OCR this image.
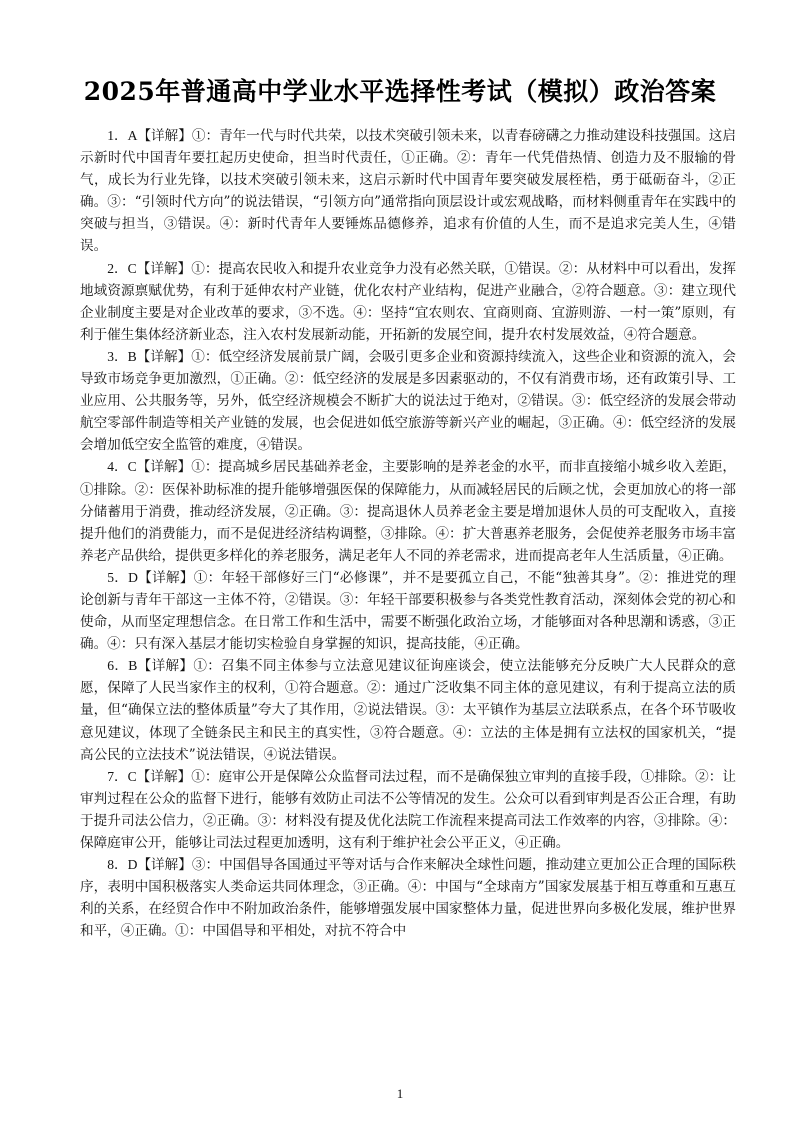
2025年普通高中学业水平选择性考试（模拟）政治答案

1．A【详解】①：青年一代与时代共荣，以技术突破引领未来，以青春磅礴之力推动建设科技强国。这启示新时代中国青年要扛起历史使命，担当时代责任，①正确。②：青年一代凭借热情、创造力及不服输的骨气，成长为行业先锋，以技术突破引领未来，这启示新时代中国青年要突破发展桎梏，勇于砥砺奋斗，②正确。③：“引领时代方向”的说法错误，“引领方向”通常指向顶层设计或宏观战略，而材料侧重青年在实践中的突破与担当，③错误。④：新时代青年人要锤炼品德修养，追求有价值的人生，而不是追求完美人生，④错误。

2．C【详解】①：提高农民收入和提升农业竞争力没有必然关联，①错误。②：从材料中可以看出，发挥地域资源禀赋优势，有利于延伸农村产业链，优化农村产业结构，促进产业融合，②符合题意。③：建立现代企业制度主要是对企业改革的要求，③不选。④：坚持“宜农则农、宜商则商、宜游则游、一村一策”原则，有利于催生集体经济新业态，注入农村发展新动能，开拓新的发展空间，提升农村发展效益，④符合题意。

3．B【详解】①：低空经济发展前景广阔，会吸引更多企业和资源持续流入，这些企业和资源的流入，会导致市场竞争更加激烈，①正确。②：低空经济的发展是多因素驱动的，不仅有消费市场，还有政策引导、工业应用、公共服务等，另外，低空经济规模会不断扩大的说法过于绝对，②错误。③：低空经济的发展会带动航空零部件制造等相关产业链的发展，也会促进如低空旅游等新兴产业的崛起，③正确。④：低空经济的发展会增加低空安全监管的难度，④错误。

4．C【详解】①：提高城乡居民基础养老金，主要影响的是养老金的水平，而非直接缩小城乡收入差距，①排除。②：医保补助标准的提升能够增强医保的保障能力，从而减轻居民的后顾之忧，会更加放心的将一部分储蓄用于消费，推动经济发展，②正确。③：提高退休人员养老金主要是增加退休人员的可支配收入，直接提升他们的消费能力，而不是促进经济结构调整，③排除。④：扩大普惠养老服务，会促使养老服务市场丰富养老产品供给，提供更多样化的养老服务，满足老年人不同的养老需求，进而提高老年人生活质量，④正确。

5．D【详解】①：年轻干部修好三门“必修课”，并不是要孤立自己，不能“独善其身”。②：推进党的理论创新与青年干部这一主体不符，②错误。③：年轻干部要积极参与各类党性教育活动，深刻体会党的初心和使命，从而坚定理想信念。在日常工作和生活中，需要不断强化政治立场，才能够面对各种思潮和诱惑，③正确。④：只有深入基层才能切实检验自身掌握的知识，提高技能，④正确。

6．B【详解】①：召集不同主体参与立法意见建议征询座谈会，使立法能够充分反映广大人民群众的意愿，保障了人民当家作主的权利，①符合题意。②：通过广泛收集不同主体的意见建议，有利于提高立法的质量，但“确保立法的整体质量”夸大了其作用，②说法错误。③：太平镇作为基层立法联系点，在各个环节吸收意见建议，体现了全链条民主和民主的真实性，③符合题意。④：立法的主体是拥有立法权的国家机关，“提高公民的立法技术”说法错误，④说法错误。

7．C【详解】①：庭审公开是保障公众监督司法过程，而不是确保独立审判的直接手段，①排除。②：让审判过程在公众的监督下进行，能够有效防止司法不公等情况的发生。公众可以看到审判是否公正合理，有助于提升司法公信力，②正确。③：材料没有提及优化法院工作流程来提高司法工作效率的内容，③排除。④：保障庭审公开，能够让司法过程更加透明，这有利于维护社会公平正义，④正确。

8．D【详解】③：中国倡导各国通过平等对话与合作来解决全球性问题，推动建立更加公正合理的国际秩序，表明中国积极落实人类命运共同体理念，③正确。④：中国与“全球南方”国家发展基于相互尊重和互惠互利的关系，在经贸合作中不附加政治条件，能够增强发展中国家整体力量，促进世界向多极化发展，维护世界和平，④正确。①：中国倡导和平相处，对抗不符合中

1
